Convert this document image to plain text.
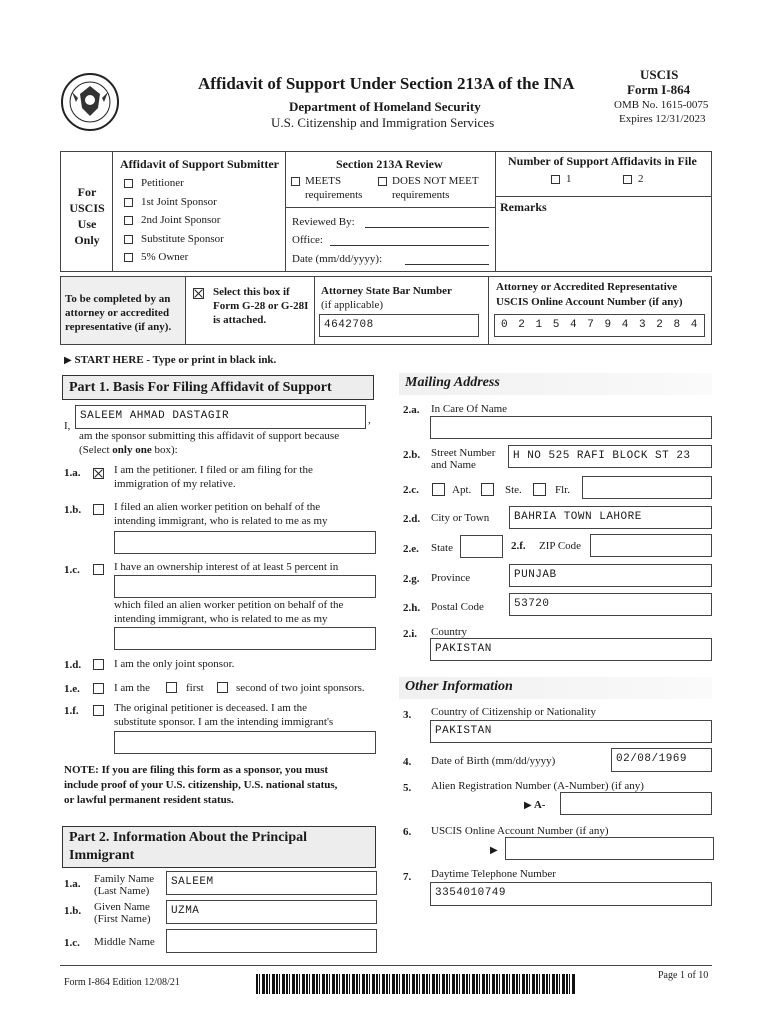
Affidavit of Support Under Section 213A of the INA
Department of Homeland Security
U.S. Citizenship and Immigration Services
USCIS
Form I-864
OMB No. 1615-0075
Expires 12/31/2023
For
USCIS
Use
Only
Affidavit of Support Submitter
Petitioner
1st Joint Sponsor
2nd Joint Sponsor
Substitute Sponsor
5% Owner
Section 213A Review
MEETS
requirements
DOES NOT MEET
requirements
Reviewed By:
Office:
Date (mm/dd/yyyy):
Number of Support Affidavits in File
1	2
Remarks
To be completed by an attorney or accredited representative (if any).
Select this box if Form G-28 or G-28I is attached.
Attorney State Bar Number
(if applicable)
4642708
Attorney or Accredited Representative
USCIS Online Account Number (if any)
0 2 1 5 4 7 9 4 3 2 8 4
▶ START HERE - Type or print in black ink.
Part 1. Basis For Filing Affidavit of Support
I,
SALEEM AHMAD DASTAGIR	,
am the sponsor submitting this affidavit of support because
(Select only one box):
1.a.	I am the petitioner. I filed or am filing for the
immigration of my relative.
1.b.	I filed an alien worker petition on behalf of the
intending immigrant, who is related to me as my
1.c.	I have an ownership interest of at least 5 percent in
which filed an alien worker petition on behalf of the
intending immigrant, who is related to me as my
1.d.	I am the only joint sponsor.
1.e.	I am the	first	second of two joint sponsors.
1.f.	The original petitioner is deceased. I am the
substitute sponsor. I am the intending immigrant's
NOTE: If you are filing this form as a sponsor, you must
include proof of your U.S. citizenship, U.S. national status,
or lawful permanent resident status.
Part 2. Information About the Principal
Immigrant
1.a. Family Name
(Last Name)
SALEEM
1.b. Given Name
(First Name)
UZMA
1.c. Middle Name
Mailing Address
2.a. In Care Of Name
2.b. Street Number
and Name
H NO 525 RAFI BLOCK ST 23
2.c.	Apt.	Ste.	Flr.
2.d. City or Town	BAHRIA TOWN LAHORE
2.e. State	2.f. ZIP Code
2.g. Province	PUNJAB
2.h. Postal Code	53720
2.i. Country
PAKISTAN
Other Information
3. Country of Citizenship or Nationality
PAKISTAN
4. Date of Birth (mm/dd/yyyy)	02/08/1969
5. Alien Registration Number (A-Number) (if any)
▶ A-
6. USCIS Online Account Number (if any)
▶
7. Daytime Telephone Number
3354010749
Form I-864 Edition 12/08/21
Page 1 of 10
